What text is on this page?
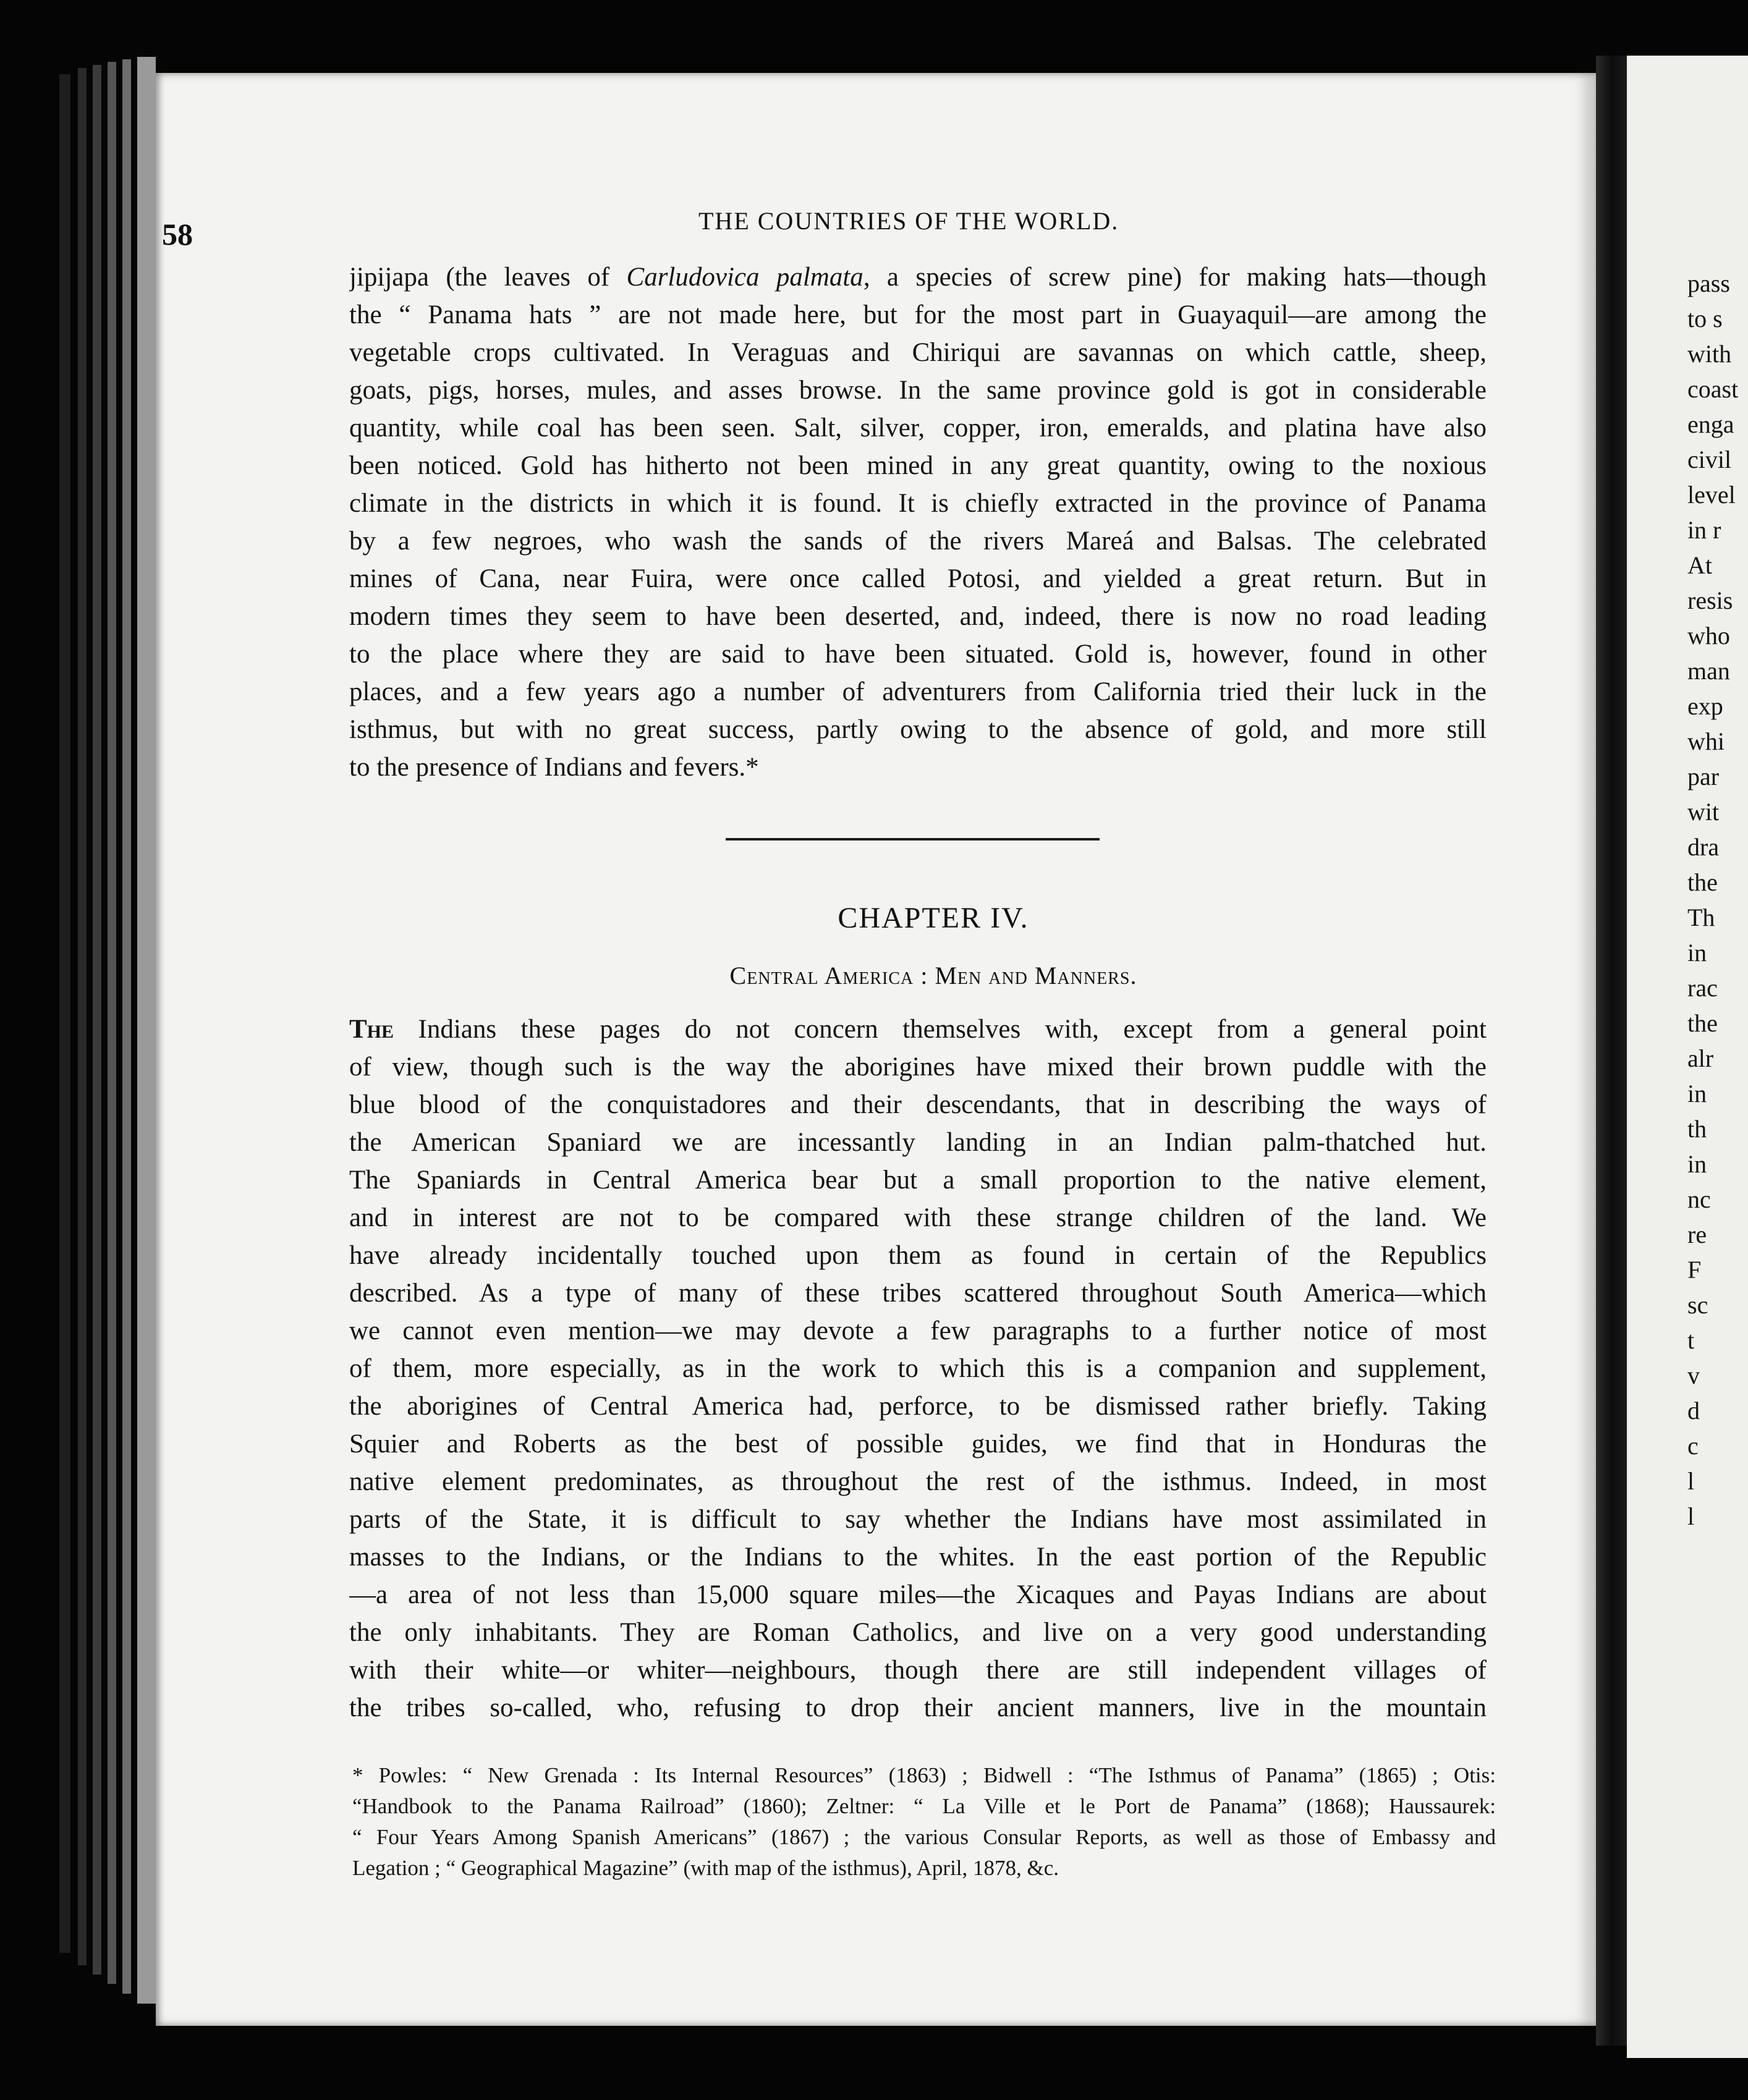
58	THE COUNTRIES OF THE WORLD.
jipijapa (the leaves of Carludovica palmata, a species of screw pine) for making hats—though
the “ Panama hats ” are not made here, but for the most part in Guayaquil—are among the
vegetable crops cultivated. In Veraguas and Chiriqui are savannas on which cattle, sheep,
goats, pigs, horses, mules, and asses browse. In the same province gold is got in considerable
quantity, while coal has been seen. Salt, silver, copper, iron, emeralds, and platina have also
been noticed. Gold has hitherto not been mined in any great quantity, owing to the noxious
climate in the districts in which it is found. It is chiefly extracted in the province of Panama
by a few negroes, who wash the sands of the rivers Mareá and Balsas. The celebrated
mines of Cana, near Fuira, were once called Potosi, and yielded a great return. But in
modern times they seem to have been deserted, and, indeed, there is now no road leading
to the place where they are said to have been situated. Gold is, however, found in other
places, and a few years ago a number of adventurers from California tried their luck in the
isthmus, but with no great success, partly owing to the absence of gold, and more still
to the presence of Indians and fevers.*
CHAPTER IV.
Central America : Men and Manners.
The Indians these pages do not concern themselves with, except from a general point
of view, though such is the way the aborigines have mixed their brown puddle with the
blue blood of the conquistadores and their descendants, that in describing the ways of
the American Spaniard we are incessantly landing in an Indian palm-thatched hut.
The Spaniards in Central America bear but a small proportion to the native element,
and in interest are not to be compared with these strange children of the land. We
have already incidentally touched upon them as found in certain of the Republics
described. As a type of many of these tribes scattered throughout South America—which
we cannot even mention—we may devote a few paragraphs to a further notice of most
of them, more especially, as in the work to which this is a companion and supplement,
the aborigines of Central America had, perforce, to be dismissed rather briefly. Taking
Squier and Roberts as the best of possible guides, we find that in Honduras the
native element predominates, as throughout the rest of the isthmus. Indeed, in most
parts of the State, it is difficult to say whether the Indians have most assimilated in
masses to the Indians, or the Indians to the whites. In the east portion of the Republic
—a area of not less than 15,000 square miles—the Xicaques and Payas Indians are about
the only inhabitants. They are Roman Catholics, and live on a very good understanding
with their white—or whiter—neighbours, though there are still independent villages of
the tribes so-called, who, refusing to drop their ancient manners, live in the mountain
* Powles: “ New Grenada : Its Internal Resources” (1863) ; Bidwell : “The Isthmus of Panama” (1865) ; Otis:
“Handbook to the Panama Railroad” (1860); Zeltner: “ La Ville et le Port de Panama” (1868); Haussaurek:
“ Four Years Among Spanish Americans” (1867) ; the various Consular Reports, as well as those of Embassy and
Legation ; “ Geographical Magazine” (with map of the isthmus), April, 1878, &c.
pass
to s
with
coast
enga
civil
level
in r
At
resis
who
man
exp
whi
par
wit
dra
the
Th
in
rac
the
alr
in
th
in
nc
re
F
sc
t
v
d
c
l
l
